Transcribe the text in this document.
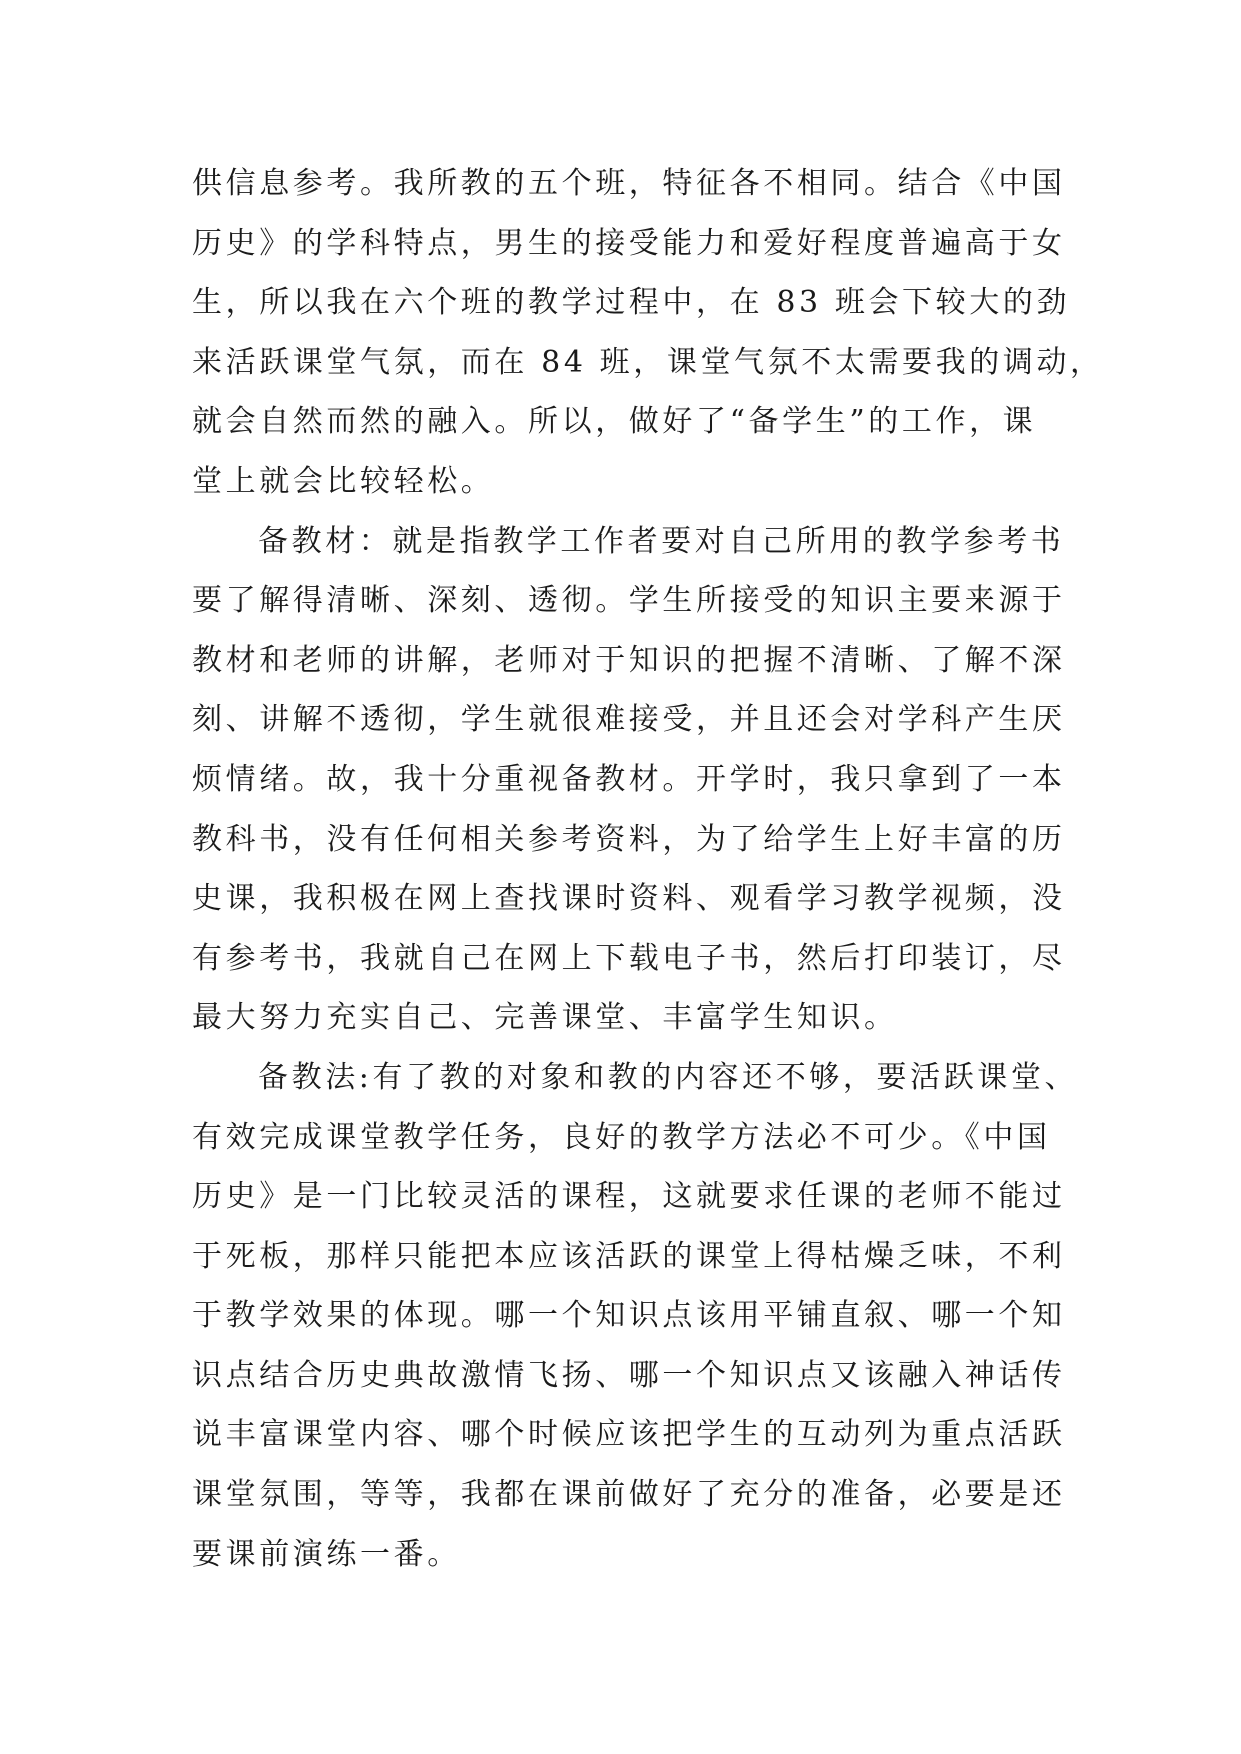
供信息参考。我所教的五个班，特征各不相同。结合《中国
历史》的学科特点，男生的接受能力和爱好程度普遍高于女
生，所以我在六个班的教学过程中，在 83 班会下较大的劲
来活跃课堂气氛，而在 84 班，课堂气氛不太需要我的调动，
就会自然而然的融入。所以，做好了“备学生”的工作，课
堂上就会比较轻松。
备教材：就是指教学工作者要对自己所用的教学参考书
要了解得清晰、深刻、透彻。学生所接受的知识主要来源于
教材和老师的讲解，老师对于知识的把握不清晰、了解不深
刻、讲解不透彻，学生就很难接受，并且还会对学科产生厌
烦情绪。故，我十分重视备教材。开学时，我只拿到了一本
教科书，没有任何相关参考资料，为了给学生上好丰富的历
史课，我积极在网上查找课时资料、观看学习教学视频，没
有参考书，我就自己在网上下载电子书，然后打印装订，尽
最大努力充实自己、完善课堂、丰富学生知识。
备教法:有了教的对象和教的内容还不够，要活跃课堂、
有效完成课堂教学任务，良好的教学方法必不可少。《中国
历史》是一门比较灵活的课程，这就要求任课的老师不能过
于死板，那样只能把本应该活跃的课堂上得枯燥乏味，不利
于教学效果的体现。哪一个知识点该用平铺直叙、哪一个知
识点结合历史典故激情飞扬、哪一个知识点又该融入神话传
说丰富课堂内容、哪个时候应该把学生的互动列为重点活跃
课堂氛围，等等，我都在课前做好了充分的准备，必要是还
要课前演练一番。
